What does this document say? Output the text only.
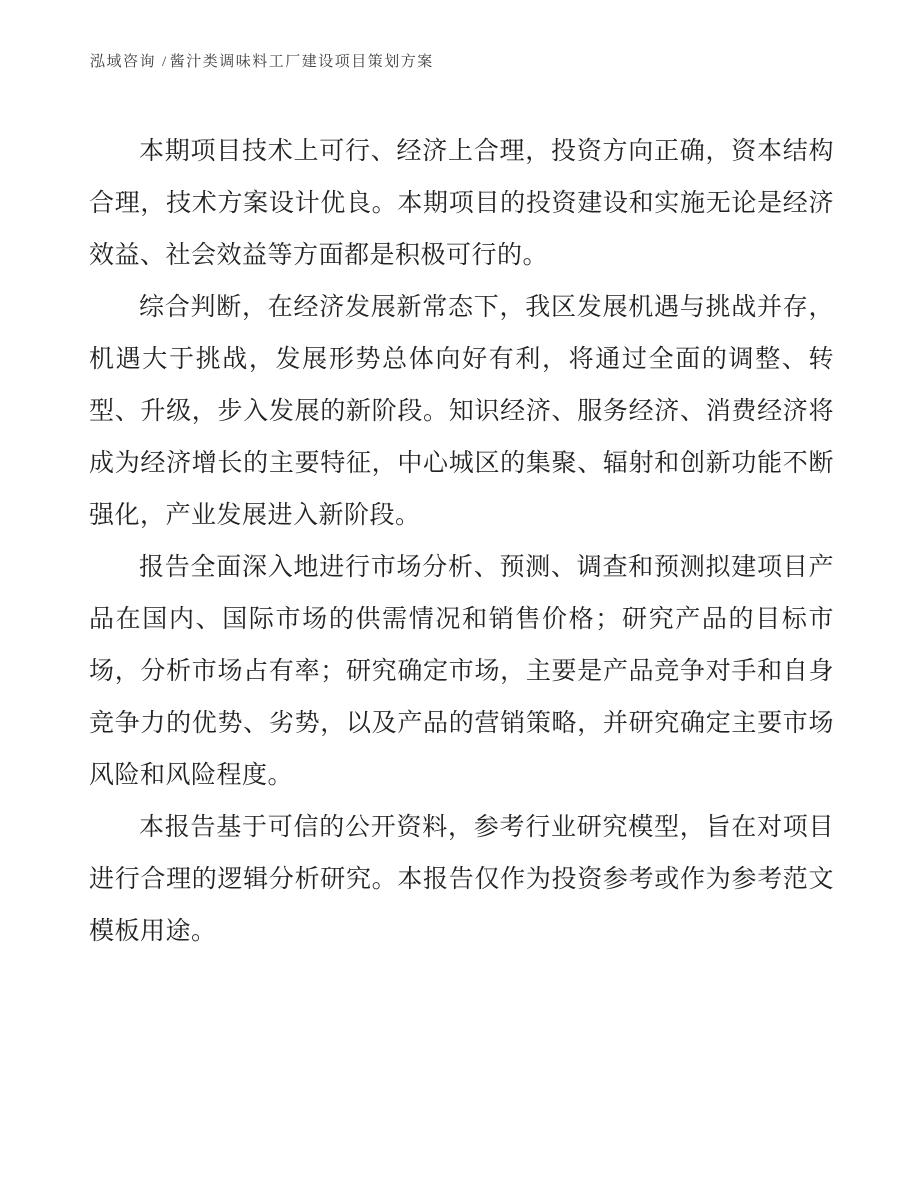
泓域咨询 / 酱汁类调味料工厂建设项目策划方案

本期项目技术上可行、经济上合理，投资方向正确，资本结构合理，技术方案设计优良。本期项目的投资建设和实施无论是经济效益、社会效益等方面都是积极可行的。

综合判断，在经济发展新常态下，我区发展机遇与挑战并存，机遇大于挑战，发展形势总体向好有利，将通过全面的调整、转型、升级，步入发展的新阶段。知识经济、服务经济、消费经济将成为经济增长的主要特征，中心城区的集聚、辐射和创新功能不断强化，产业发展进入新阶段。

报告全面深入地进行市场分析、预测、调查和预测拟建项目产品在国内、国际市场的供需情况和销售价格；研究产品的目标市场，分析市场占有率；研究确定市场，主要是产品竞争对手和自身竞争力的优势、劣势，以及产品的营销策略，并研究确定主要市场风险和风险程度。

本报告基于可信的公开资料，参考行业研究模型，旨在对项目进行合理的逻辑分析研究。本报告仅作为投资参考或作为参考范文模板用途。
